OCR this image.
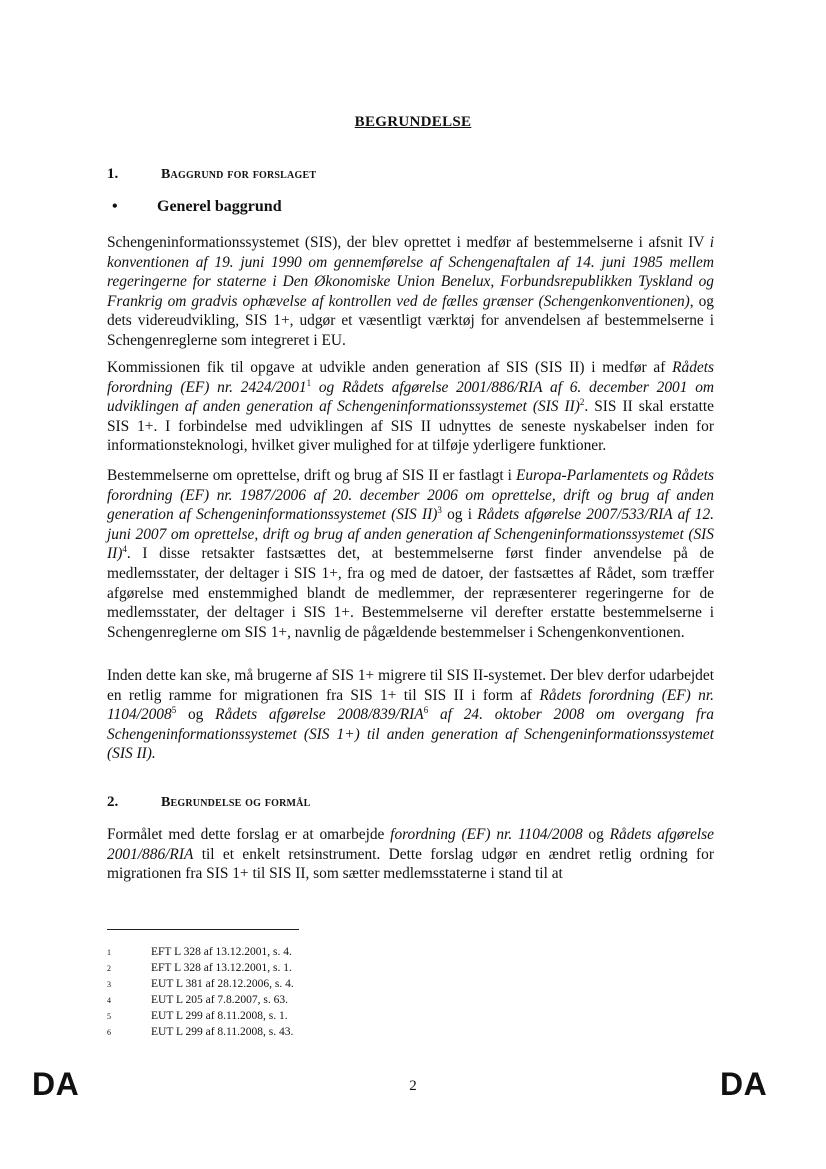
BEGRUNDELSE
1.	Baggrund for forslaget
• Generel baggrund

Schengeninformationssystemet (SIS), der blev oprettet i medfør af bestemmelserne i afsnit IV i konventionen af 19. juni 1990 om gennemførelse af Schengenaftalen af 14. juni 1985 mellem regeringerne for staterne i Den Økonomiske Union Benelux, Forbundsrepublikken Tyskland og Frankrig om gradvis ophævelse af kontrollen ved de fælles grænser (Schengenkonventionen), og dets videreudvikling, SIS 1+, udgør et væsentligt værktøj for anvendelsen af bestemmelserne i Schengenreglerne som integreret i EU.

Kommissionen fik til opgave at udvikle anden generation af SIS (SIS II) i medfør af Rådets forordning (EF) nr. 2424/2001$^1$ og Rådets afgørelse 2001/886/RIA af 6. december 2001 om udviklingen af anden generation af Schengeninformationssystemet (SIS II)$^2$. SIS II skal erstatte SIS 1+. I forbindelse med udviklingen af SIS II udnyttes de seneste nyskabelser inden for informationsteknologi, hvilket giver mulighed for at tilføje yderligere funktioner.

Bestemmelserne om oprettelse, drift og brug af SIS II er fastlagt i Europa-Parlamentets og Rådets forordning (EF) nr. 1987/2006 af 20. december 2006 om oprettelse, drift og brug af anden generation af Schengeninformationssystemet (SIS II)$^3$ og i Rådets afgørelse 2007/533/RIA af 12. juni 2007 om oprettelse, drift og brug af anden generation af Schengeninformationssystemet (SIS II)$^4$. I disse retsakter fastsættes det, at bestemmelserne først finder anvendelse på de medlemsstater, der deltager i SIS 1+, fra og med de datoer, der fastsættes af Rådet, som træffer afgørelse med enstemmighed blandt de medlemmer, der repræsenterer regeringerne for de medlemsstater, der deltager i SIS 1+. Bestemmelserne vil derefter erstatte bestemmelserne i Schengenreglerne om SIS 1+, navnlig de pågældende bestemmelser i Schengenkonventionen.

Inden dette kan ske, må brugerne af SIS 1+ migrere til SIS II-systemet. Der blev derfor udarbejdet en retlig ramme for migrationen fra SIS 1+ til SIS II i form af Rådets forordning (EF) nr. 1104/2008$^5$ og Rådets afgørelse 2008/839/RIA$^6$ af 24. oktober 2008 om overgang fra Schengeninformationssystemet (SIS 1+) til anden generation af Schengeninformationssystemet (SIS II).

2.	Begrundelse og formål

Formålet med dette forslag er at omarbejde forordning (EF) nr. 1104/2008 og Rådets afgørelse 2001/886/RIA til et enkelt retsinstrument. Dette forslag udgør en ændret retlig ordning for migrationen fra SIS 1+ til SIS II, som sætter medlemsstaterne i stand til at

1	EFT L 328 af 13.12.2001, s. 4.
2	EFT L 328 af 13.12.2001, s. 1.
3	EUT L 381 af 28.12.2006, s. 4.
4	EUT L 205 af 7.8.2007, s. 63.
5	EUT L 299 af 8.11.2008, s. 1.
6	EUT L 299 af 8.11.2008, s. 43.
DA	2	DA
